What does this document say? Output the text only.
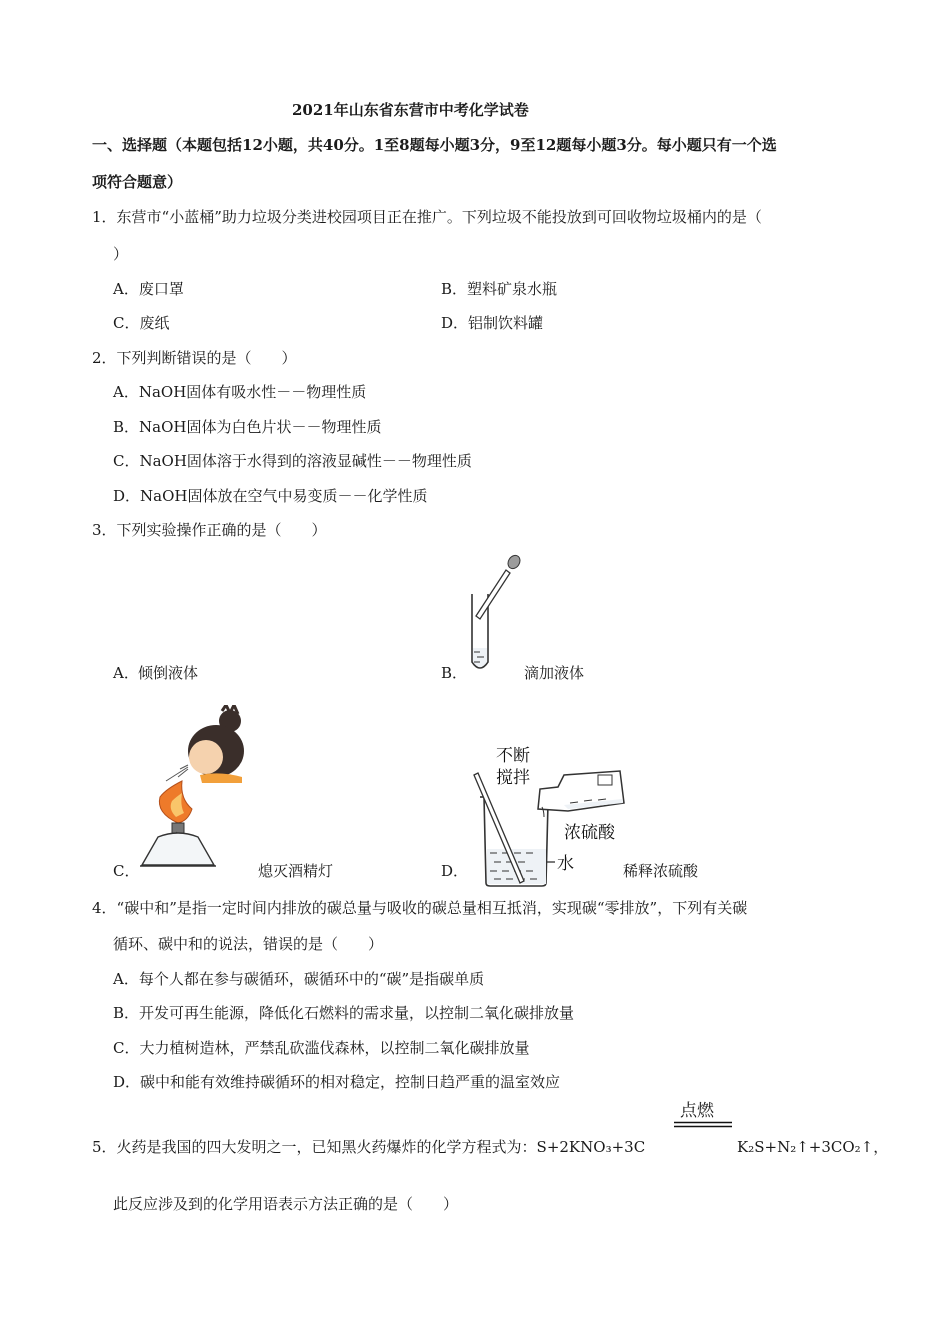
2021年山东省东营市中考化学试卷
一、选择题（本题包括12小题，共40分。1至8题每小题3分，9至12题每小题3分。每小题只有一个选
项符合题意）
1．东营市“小蓝桶”助力垃圾分类进校园项目正在推广。下列垃圾不能投放到可回收物垃圾桶内的是（
）
A．废口罩	B．塑料矿泉水瓶
C．废纸	D．铝制饮料罐
2．下列判断错误的是（　　）
A．NaOH固体有吸水性－－物理性质
B．NaOH固体为白色片状－－物理性质
C．NaOH固体溶于水得到的溶液显碱性－－物理性质
D．NaOH固体放在空气中易变质－－化学性质
3．下列实验操作正确的是（　　）
A． 倾倒液体	B．	滴加液体
不断
搅拌
浓硫酸
水
C．	熄灭酒精灯	D．	稀释浓硫酸
4．“碳中和”是指一定时间内排放的碳总量与吸收的碳总量相互抵消，实现碳“零排放”，下列有关碳
循环、碳中和的说法，错误的是（　　）
A．每个人都在参与碳循环，碳循环中的“碳”是指碳单质
B．开发可再生能源，降低化石燃料的需求量，以控制二氧化碳排放量
C．大力植树造林，严禁乱砍滥伐森林，以控制二氧化碳排放量
D．碳中和能有效维持碳循环的相对稳定，控制日趋严重的温室效应
点燃
5．火药是我国的四大发明之一，已知黑火药爆炸的化学方程式为：S+2KNO₃+3C	K₂S+N₂↑+3CO₂↑，
此反应涉及到的化学用语表示方法正确的是（　　）
